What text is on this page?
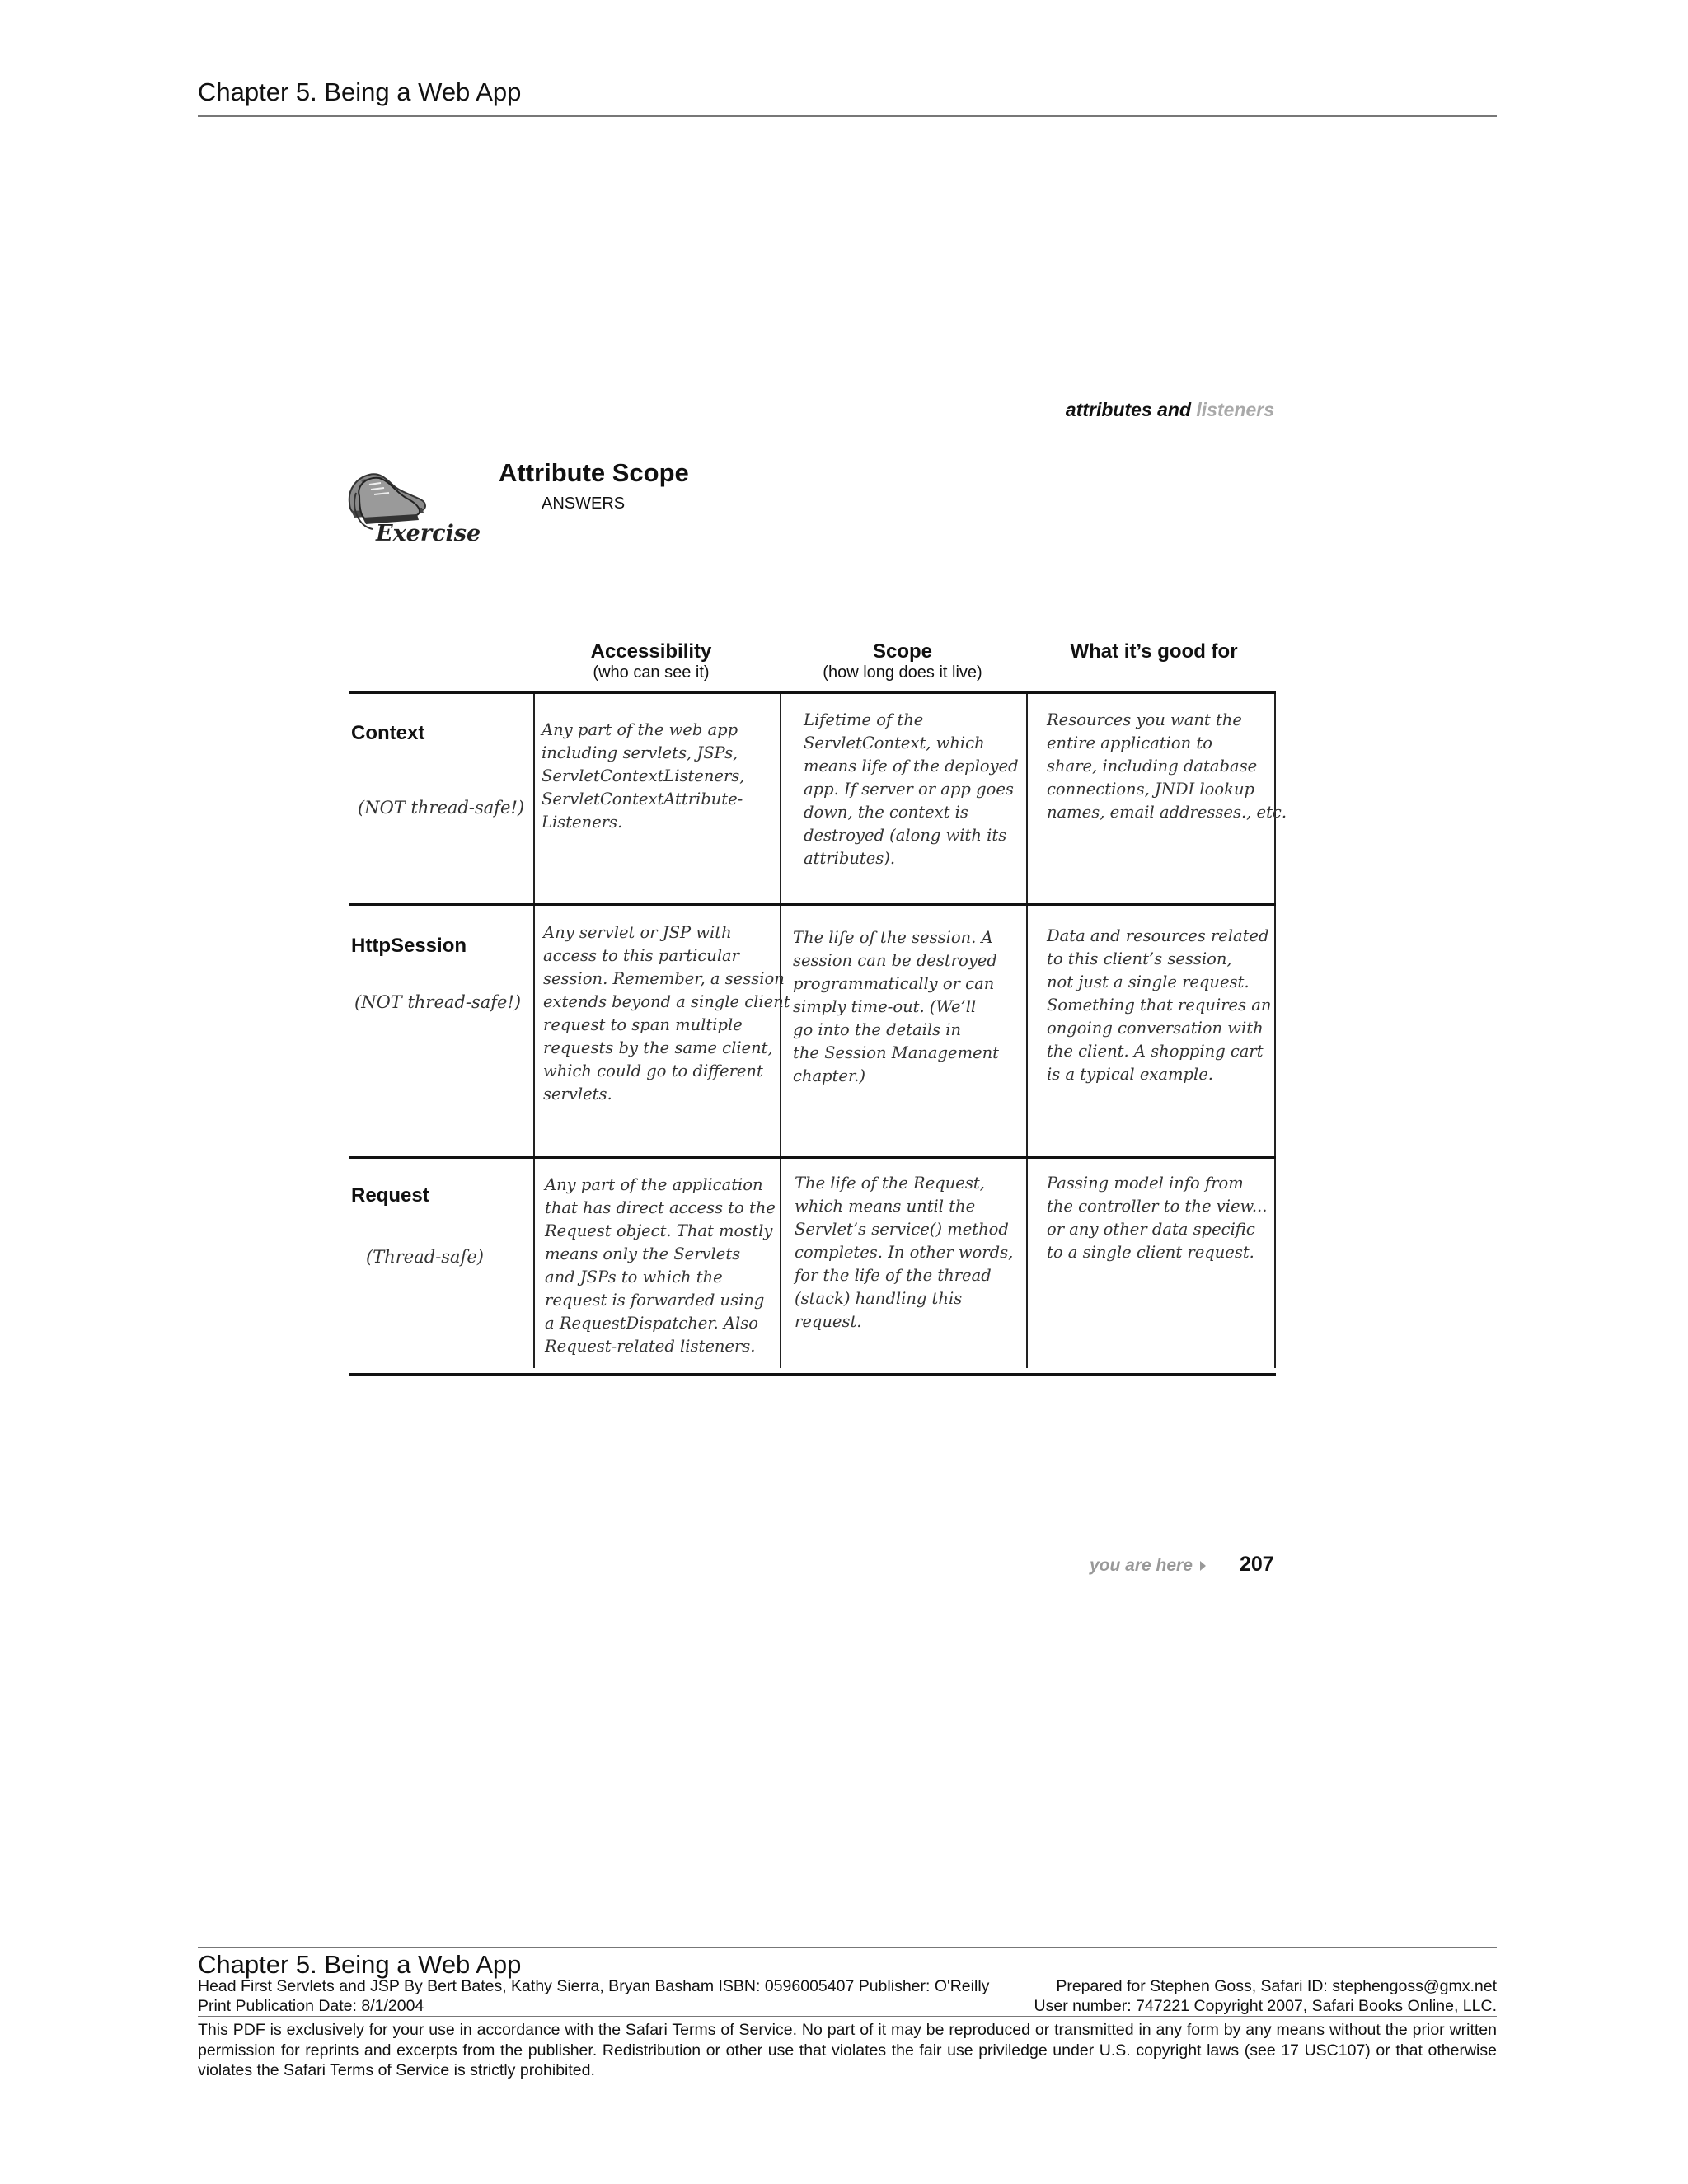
Chapter 5. Being a Web App
attributes and listeners
Exercise
Attribute Scope
ANSWERS
Accessibility
(who can see it)
Scope
(how long does it live)
What it’s good for
Context
(NOT thread-safe!)
Any part of the web app
including servlets, JSPs,
ServletContextListeners,
ServletContextAttribute-
Listeners.
Lifetime of the
ServletContext, which
means life of the deployed
app. If server or app goes
down, the context is
destroyed (along with its
attributes).
Resources you want the
entire application to
share, including database
connections, JNDI lookup
names, email addresses., etc.
HttpSession
(NOT thread-safe!)
Any servlet or JSP with
access to this particular
session. Remember, a session
extends beyond a single client
request to span multiple
requests by the same client,
which could go to different
servlets.
The life of the session. A
session can be destroyed
programmatically or can
simply time-out. (We’ll
go into the details in
the Session Management
chapter.)
Data and resources related
to this client’s session,
not just a single request.
Something that requires an
ongoing conversation with
the client. A shopping cart
is a typical example.
Request
(Thread-safe)
Any part of the application
that has direct access to the
Request object. That mostly
means only the Servlets
and JSPs to which the
request is forwarded using
a RequestDispatcher. Also
Request-related listeners.
The life of the Request,
which means until the
Servlet’s service() method
completes. In other words,
for the life of the thread
(stack) handling this
request.
Passing model info from
the controller to the view...
or any other data specific
to a single client request.
you are here 207
Chapter 5. Being a Web App
Head First Servlets and JSP By Bert Bates, Kathy Sierra, Bryan Basham ISBN: 0596005407 Publisher: O'Reilly	Prepared for Stephen Goss, Safari ID: stephengoss@gmx.net
Print Publication Date: 8/1/2004	User number: 747221 Copyright 2007, Safari Books Online, LLC.
This PDF is exclusively for your use in accordance with the Safari Terms of Service. No part of it may be reproduced or transmitted in any form by any means without the prior written permission for reprints and excerpts from the publisher. Redistribution or other use that violates the fair use priviledge under U.S. copyright laws (see 17 USC107) or that otherwise violates the Safari Terms of Service is strictly prohibited.
